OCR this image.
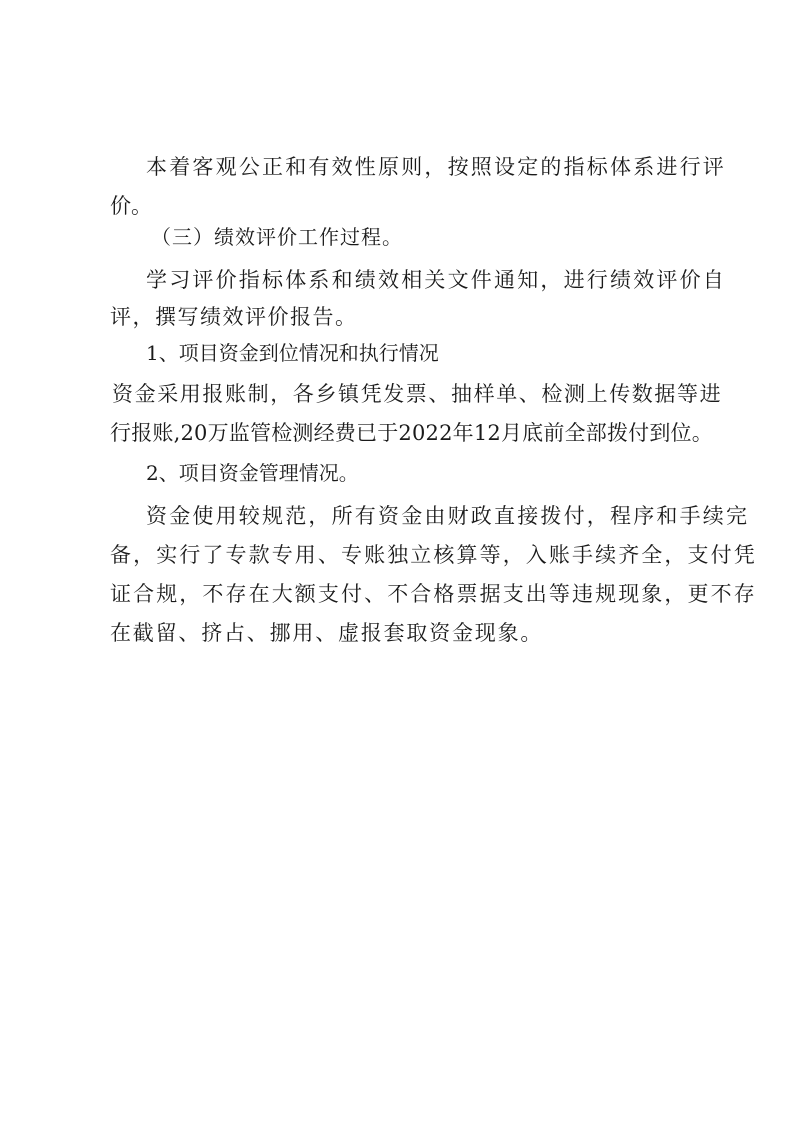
本着客观公正和有效性原则，按照设定的指标体系进行评

价。

（三）绩效评价工作过程。

学习评价指标体系和绩效相关文件通知，进行绩效评价自

评，撰写绩效评价报告。

1、项目资金到位情况和执行情况

资金采用报账制，各乡镇凭发票、抽样单、检测上传数据等进

行报账,20万监管检测经费已于2022年12月底前全部拨付到位。

2、项目资金管理情况。

资金使用较规范，所有资金由财政直接拨付，程序和手续完

备，实行了专款专用、专账独立核算等，入账手续齐全，支付凭

证合规，不存在大额支付、不合格票据支出等违规现象，更不存

在截留、挤占、挪用、虚报套取资金现象。
